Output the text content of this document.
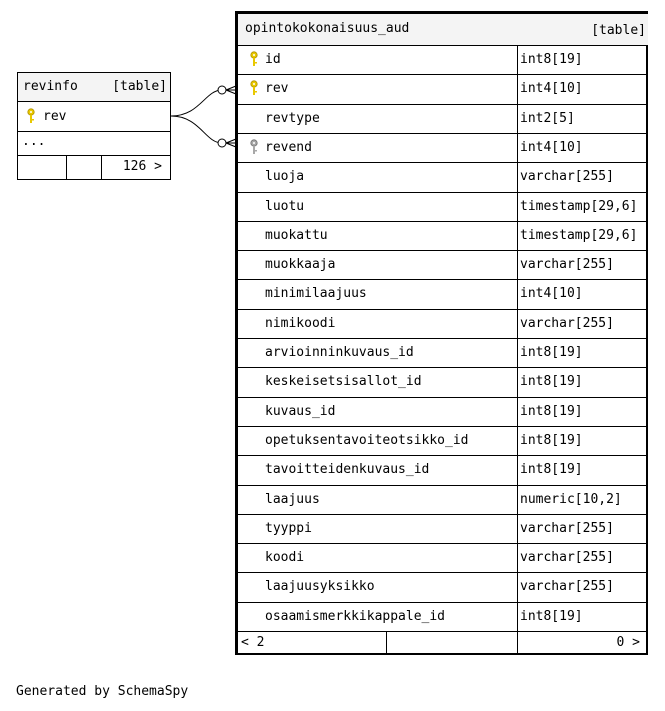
revinfo	[table]
rev
...
126 >
opintokokonaisuus_aud	[table]
id	int8[19]
rev	int4[10]
revtype	int2[5]
revend	int4[10]
luoja	varchar[255]
luotu	timestamp[29,6]
muokattu	timestamp[29,6]
muokkaaja	varchar[255]
minimilaajuus	int4[10]
nimikoodi	varchar[255]
arvioinninkuvaus_id	int8[19]
keskeisetsisallot_id	int8[19]
kuvaus_id	int8[19]
opetuksentavoiteotsikko_id	int8[19]
tavoitteidenkuvaus_id	int8[19]
laajuus	numeric[10,2]
tyyppi	varchar[255]
koodi	varchar[255]
laajuusyksikko	varchar[255]
osaamismerkkikappale_id	int8[19]
< 2	0 >
Generated by SchemaSpy
